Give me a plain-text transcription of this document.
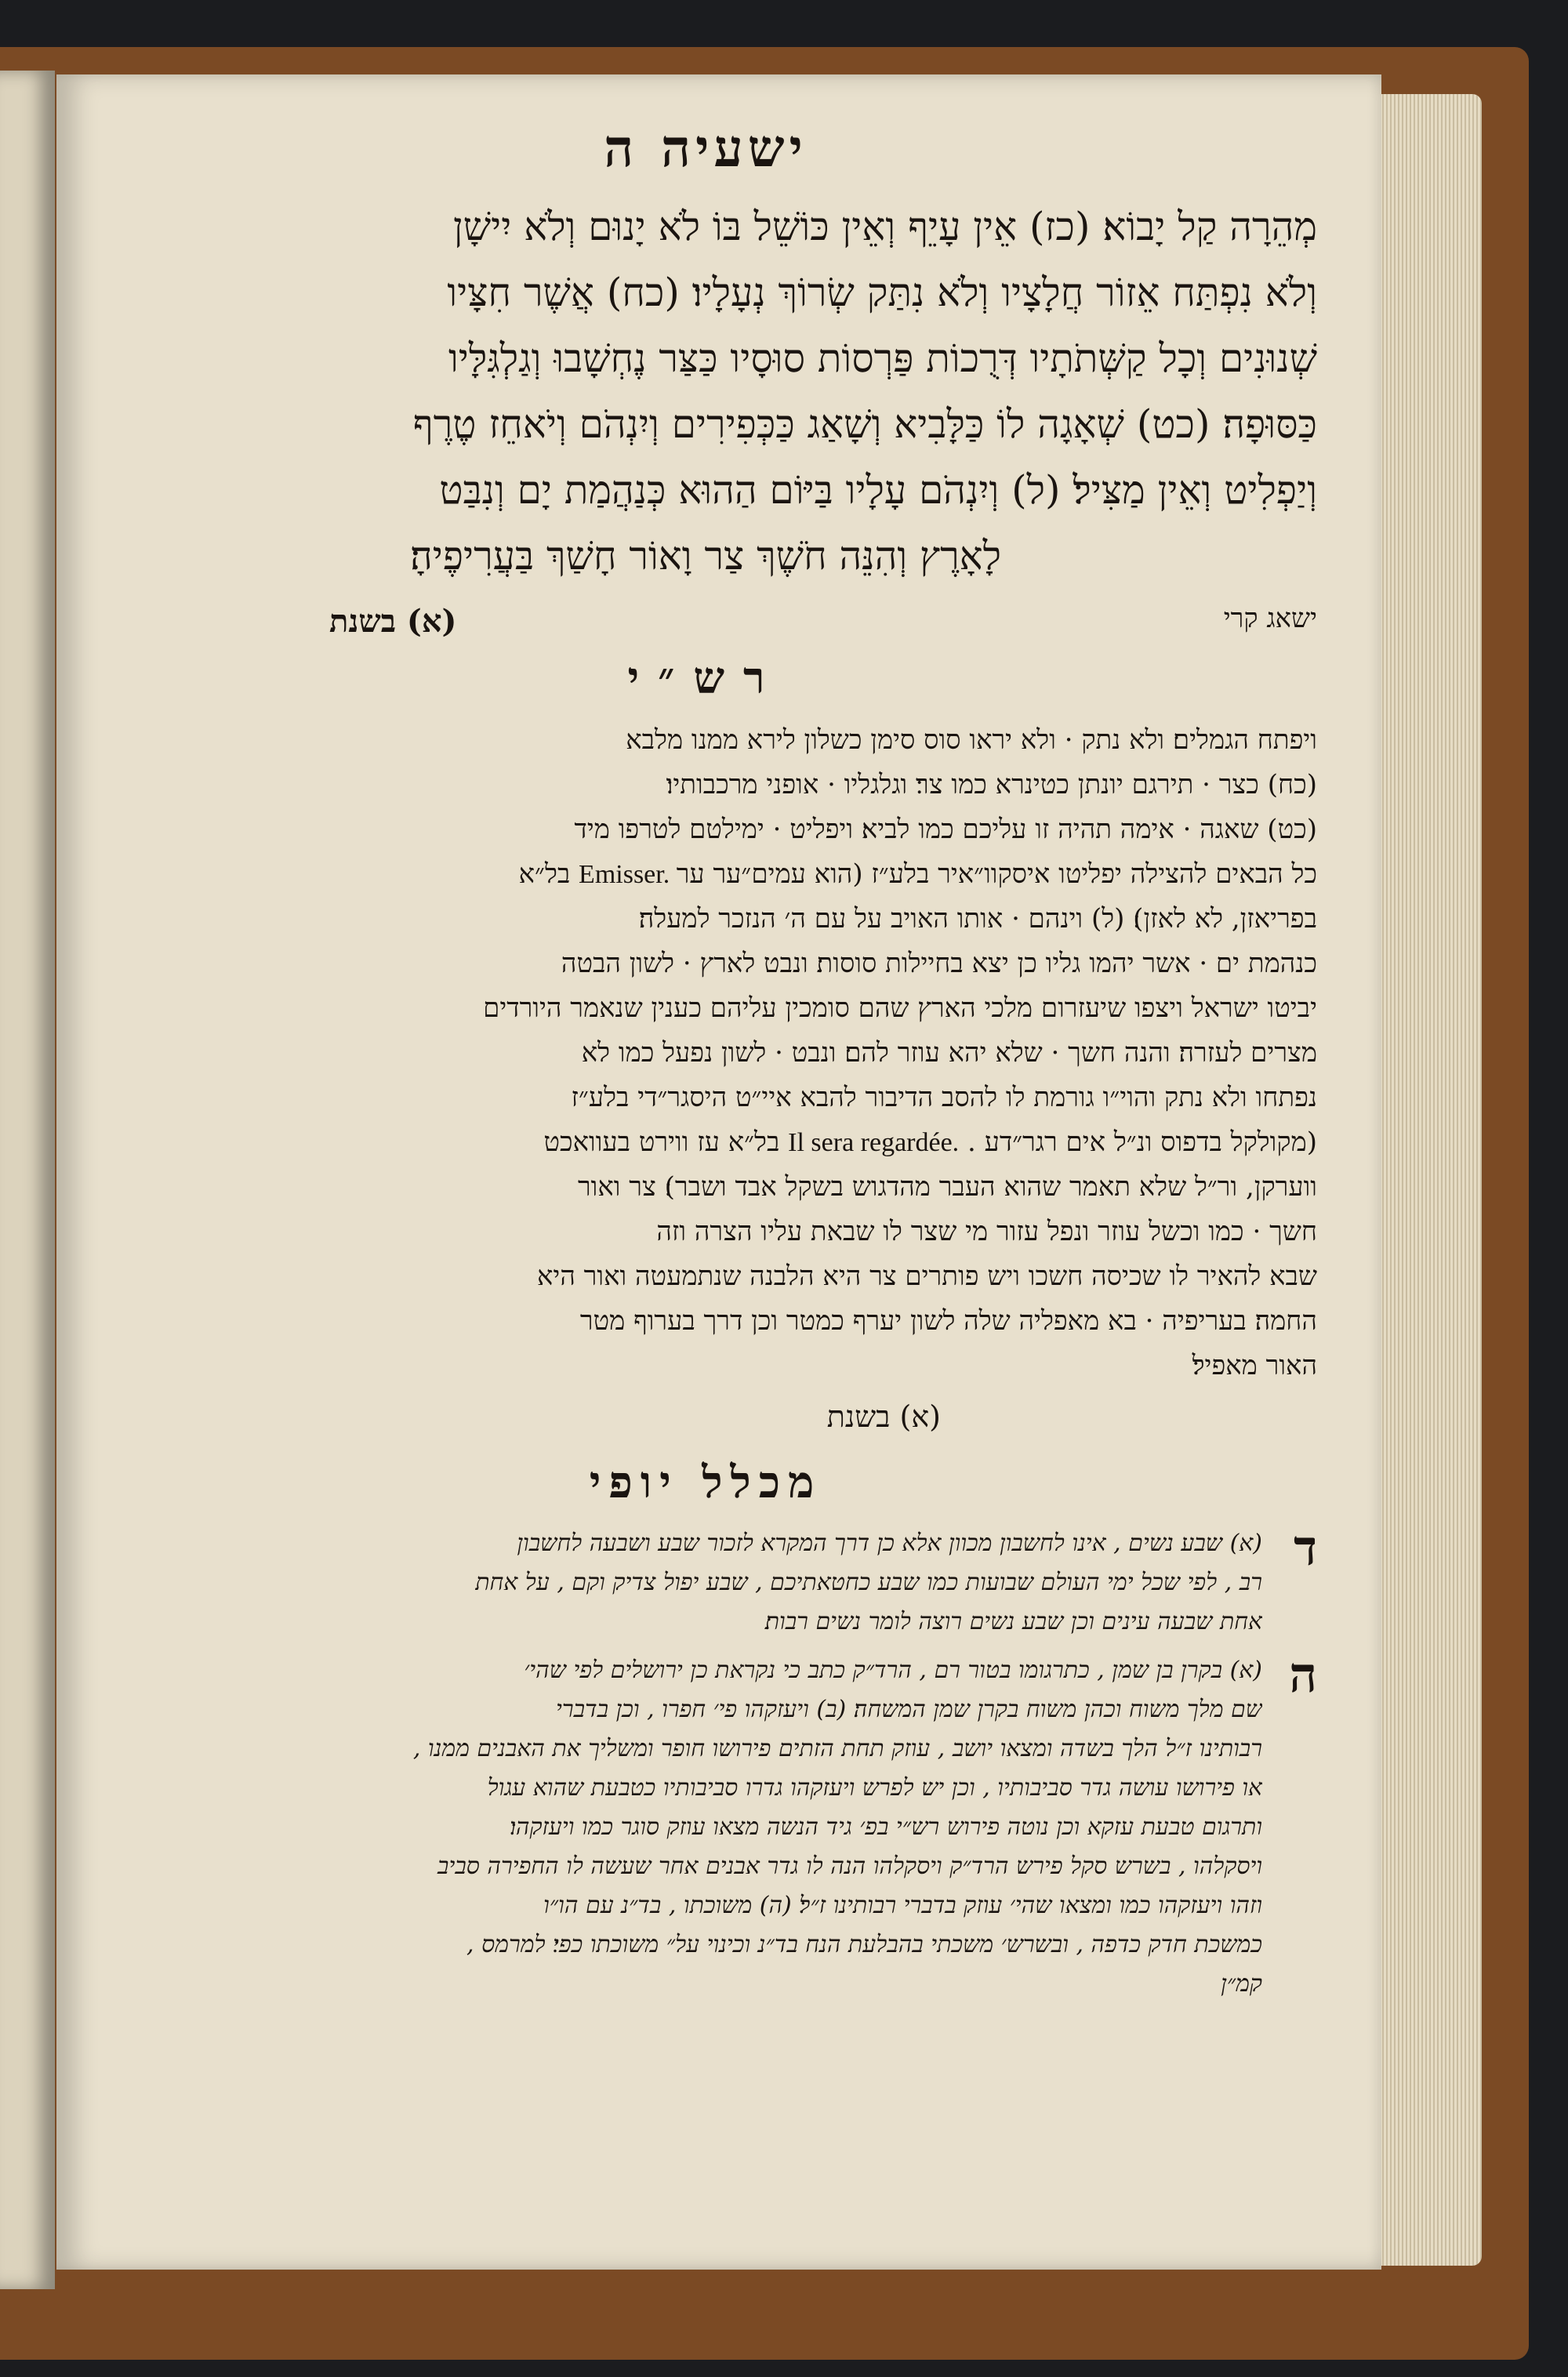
ישעיה ה
מְהֵרָה קַל יָבוֹא׃ (כז) אֵין עָיֵף וְאֵין כּוֹשֵׁל בּוֹ לֹא יָנוּם וְלֹא יִישָׁן
וְלֹא נִפְתַּח אֵזוֹר חֲלָצָיו וְלֹא נִתַּק שְׂרוֹךְ נְעָלָיו׃ (כח) אֲשֶׁר חִצָּיו
שְׁנוּנִים וְכָל קַשְּׁתֹתָיו דְּרֻכוֹת פַּרְסוֹת סוּסָיו כַּצַּר נֶחְשָׁבוּ וְגַלְגִּלָּיו
כַּסּוּפָה׃ (כט) שְׁאָגָה לוֹ כַּלָּבִיא וְשָׁאַג כַּכְּפִירִים וְיִנְהֹם וְיֹאחֵז טֶרֶף
וְיַפְלִיט וְאֵין מַצִּיל׃ (ל) וְיִנְהֹם עָלָיו בַּיּוֹם הַהוּא כְּנַהֲמַת יָם וְנִבַּט
לָאָרֶץ וְהִנֵּה חֹשֶׁךְ צַר וָאוֹר חָשַׁךְ בַּעֲרִיפֶיהָ׃
ישאג קרי
(א) בשנת
רש״י
ויפתח הגמלים׃ ולא נתק · ולא יראו סוס סימן כשלון לירא ממנו מלבא
(כח) כצר · תירגם יונתן כטינרא כמו צר׃ וגלגליו · אופני מרכבותיו׃
(כט) שאגה · אימה תהיה זו עליכם כמו לביא׃ ויפליט · ימילטם לטרפו מיד
כל הבאים להצילה יפליטו איסקוו״איר בלע״ז (הוא עמים״ער Emisser. ער בל״א
בפריאזן, לא לאזן)׃ (ל) וינהם · אותו האויב על עם ה׳ הנזכר למעלה׃
כנהמת ים · אשר יהמו גליו כן יצא בחיילות סוסות׃ ונבט לארץ · לשון הבטה
יביטו ישראל ויצפו שיעזרום מלכי הארץ שהם סומכין עליהם כענין שנאמר היורדים
מצרים לעזרה׃ והנה חשך · שלא יהא עוזר להם׃ ונבט · לשון נפעל כמו לא
נפתחו ולא נתק והוי״ו גורמת לו להסב הדיבור להבא איי״ט היסגר״די בלע״ז
(מקולקל בדפוס ונ״ל אים רגר״דע . Il sera regardée. בל״א עז ווירט בעוואכט
ווערקן, ור״ל שלא תאמר שהוא העבר מהדגוש בשקל אבד ושבר)׃ צר ואור
חשך · כמו וכשל עוזר ונפל עזור מי שצר לו שבאת עליו הצרה וזה
שבא להאיר לו שכיסה חשכו ויש פותרים צר היא הלבנה שנתמעטה ואור היא
החמה׃ בעריפיה · בא מאפליה שלה לשון יערף כמטר וכן דרך בערוף מטר
האור מאפיל׃
(א) בשנת
מכלל יופי
ד
(א) שבע נשים , אינו לחשבון מכוון אלא כן דרך המקרא לזכור שבע ושבעה לחשבון
רב , לפי שכל ימי העולם שבועות כמו שבע כחטאתיכם , שבע יפול צדיק וקם , על אחת
אחת שבעה עינים וכן שבע נשים רוצה לומר נשים רבות׃
ה
(א) בקרן בן שמן , כתרגומו בטור רם , הרד״ק כתב כי נקראת כן ירושלים לפי שהי׳
שם מלך משוח וכהן משוח בקרן שמן המשחה׃ (ב) ויעזקהו פי׳ חפרו , וכן בדברי
רבותינו ז״ל הלך בשדה ומצאו יושב , עוזק תחת הזתים פירושו חופר ומשליך את האבנים ממנו ,
או פירושו עושה גדר סביבותיו , וכן יש לפרש ויעזקהו גדרו סביבותיו כטבעת שהוא עגול
ותרגום טבעת עזקא וכן נוטה פירוש רש״י בפ׳ גיד הנשה מצאו עוזק סוגר כמו ויעזקהו׃
ויסקלהו , בשרש סקל פירש הרד״ק ויסקלהו הנה לו גדר אבנים אחר שעשה לו החפירה סביב
וזהו ויעזקהו כמו ומצאו שהי׳ עוזק בדברי רבותינו ז״ל׃ (ה) משוכתו , בד״נ עם הו״ו
כמשכת חדק כדפה , ובשרש׳ משכתי בהבלעת הנח בד״נ וכינוי על״ משוכתו כפי׃ למרמס ,
קמ״ן
